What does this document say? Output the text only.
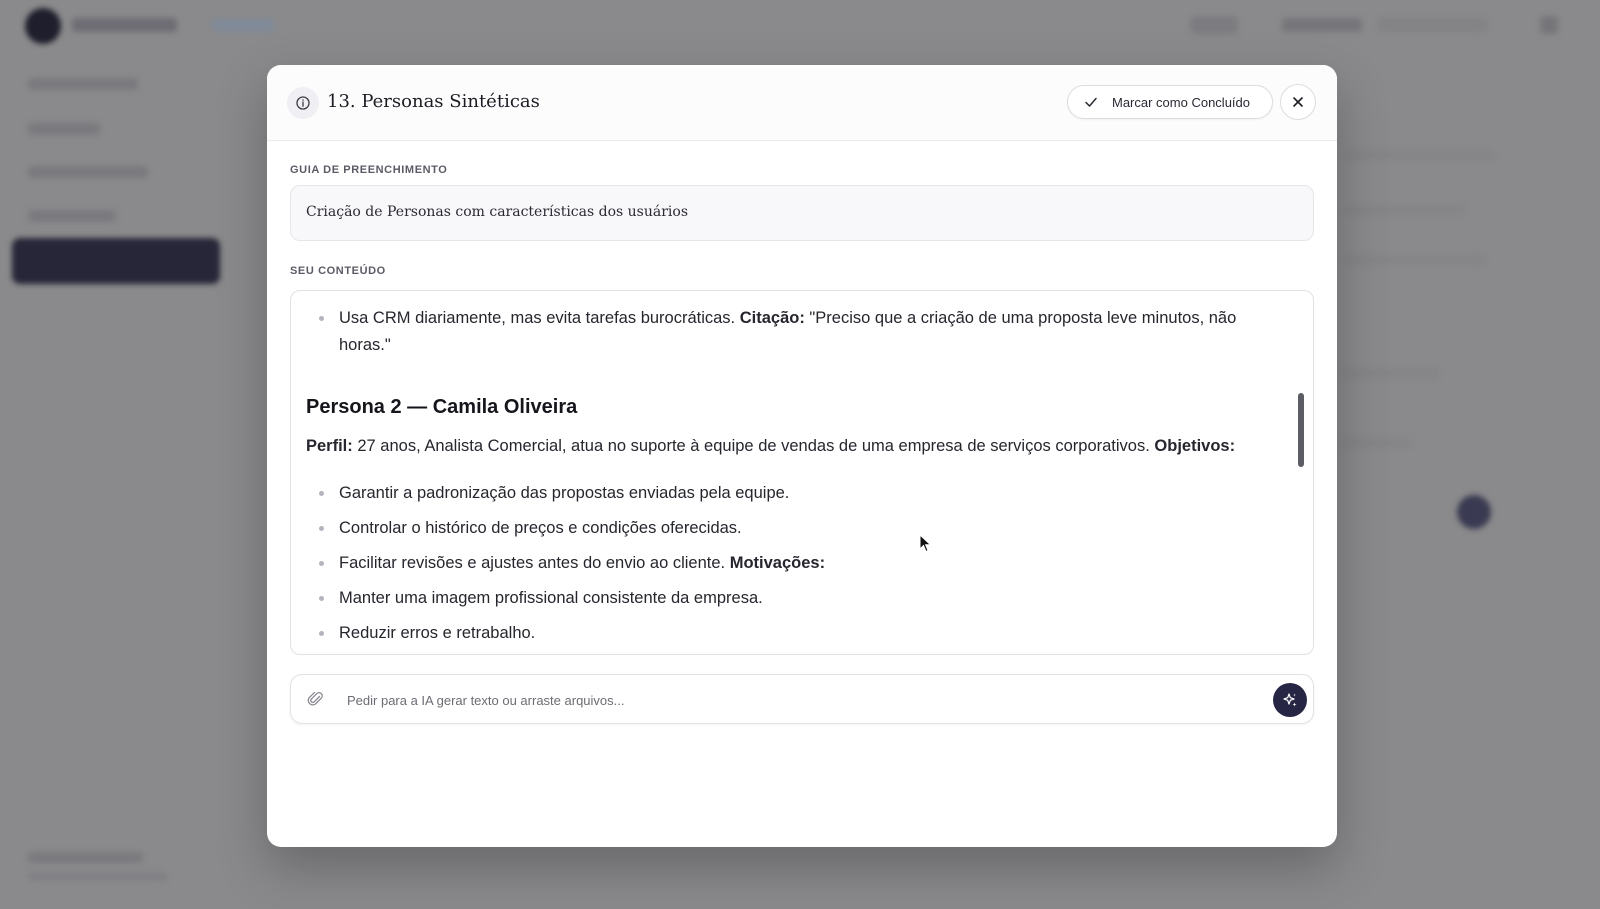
13. Personas Sintéticas	Marcar como Concluído
GUIA DE PREENCHIMENTO
Criação de Personas com características dos usuários
SEU CONTEÚDO

Usa CRM diariamente, mas evita tarefas burocráticas. Citação: "Preciso que a criação de uma proposta leve minutos, não horas."

Persona 2 — Camila Oliveira

Perfil: 27 anos, Analista Comercial, atua no suporte à equipe de vendas de uma empresa de serviços corporativos. Objetivos:

Garantir a padronização das propostas enviadas pela equipe.

Controlar o histórico de preços e condições oferecidas.

Facilitar revisões e ajustes antes do envio ao cliente. Motivações:

Manter uma imagem profissional consistente da empresa.

Reduzir erros e retrabalho.

Pedir para a IA gerar texto ou arraste arquivos...
